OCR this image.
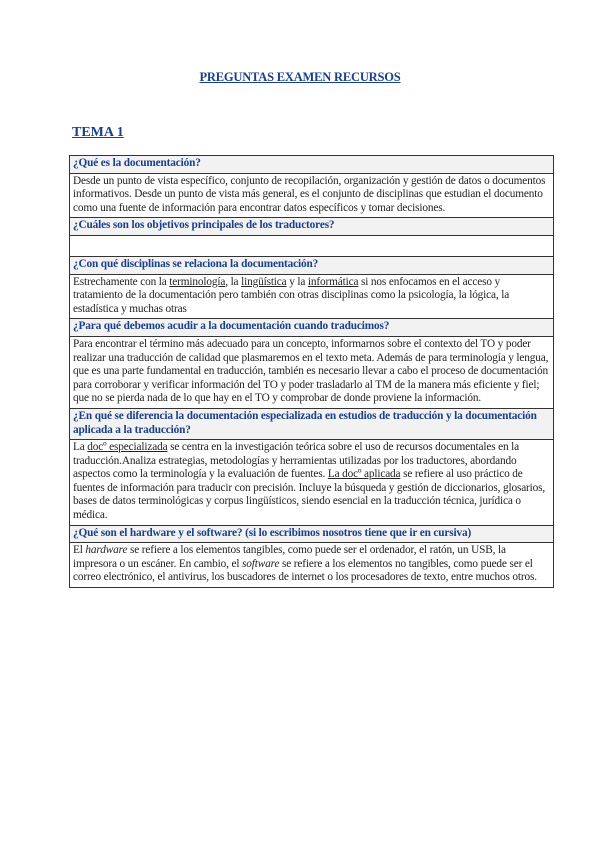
PREGUNTAS EXAMEN RECURSOS
TEMA 1
¿Qué es la documentación?
Desde un punto de vista específico, conjunto de recopilación, organización y gestión de datos o documentos informativos. Desde un punto de vista más general, es el conjunto de disciplinas que estudian el documento como una fuente de información para encontrar datos específicos y tomar decisiones.
¿Cuáles son los objetivos principales de los traductores?

¿Con qué disciplinas se relaciona la documentación?
Estrechamente con la terminología, la lingüística y la informática si nos enfocamos en el acceso y tratamiento de la documentación pero también con otras disciplinas como la psicología, la lógica, la estadística y muchas otras
¿Para qué debemos acudir a la documentación cuando traducimos?
Para encontrar el término más adecuado para un concepto, informarnos sobre el contexto del TO y poder realizar una traducción de calidad que plasmaremos en el texto meta. Además de para terminología y lengua, que es una parte fundamental en traducción, también es necesario llevar a cabo el proceso de documentación para corroborar y verificar información del TO y poder trasladarlo al TM de la manera más eficiente y fiel; que no se pierda nada de lo que hay en el TO y comprobar de donde proviene la información.
¿En qué se diferencia la documentación especializada en estudios de traducción y la documentación aplicada a la traducción?
La docº especializada se centra en la investigación teórica sobre el uso de recursos documentales en la traducción.Analiza estrategias, metodologías y herramientas utilizadas por los traductores, abordando aspectos como la terminología y la evaluación de fuentes. La docº aplicada se refiere al uso práctico de fuentes de información para traducir con precisión. Incluye la búsqueda y gestión de diccionarios, glosarios, bases de datos terminológicas y corpus lingüísticos, siendo esencial en la traducción técnica, jurídica o médica.
¿Qué son el hardware y el software? (si lo escribimos nosotros tiene que ir en cursiva)
El hardware se refiere a los elementos tangibles, como puede ser el ordenador, el ratón, un USB, la impresora o un escáner. En cambio, el software se refiere a los elementos no tangibles, como puede ser el correo electrónico, el antivirus, los buscadores de internet o los procesadores de texto, entre muchos otros.
